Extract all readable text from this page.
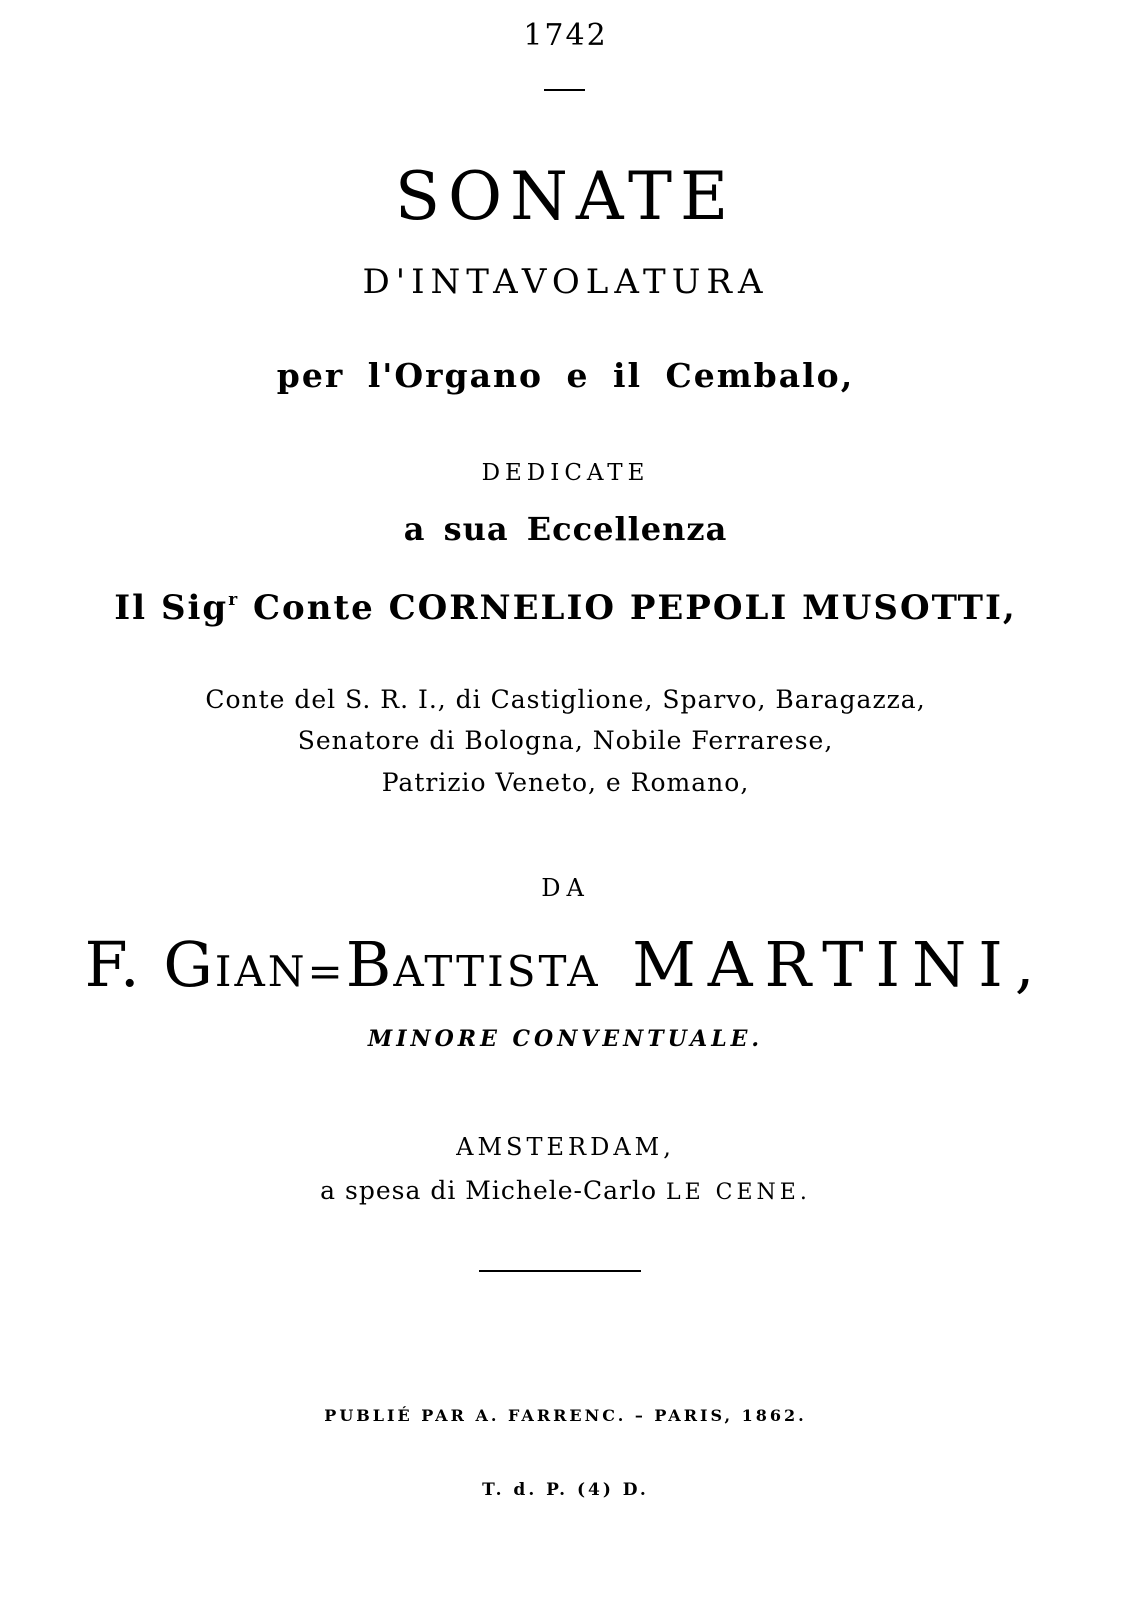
1742
SONATE
D'INTAVOLATURA
per l'Organo e il Cembalo,
DEDICATE
a sua Eccellenza
Il Sig$^r$ Conte CORNELIO PEPOLI MUSOTTI,
Conte del S. R. I., di Castiglione, Sparvo, Baragazza,
Senatore di Bologna, Nobile Ferrarese,
Patrizio Veneto, e Romano,
DA
F. GIAN=BATTISTA MARTINI,
MINORE CONVENTUALE.
AMSTERDAM,
a spesa di Michele-Carlo LE CENE.
PUBLIÉ PAR A. FARRENC. – PARIS, 1862.
T. d. P. (4) D.
